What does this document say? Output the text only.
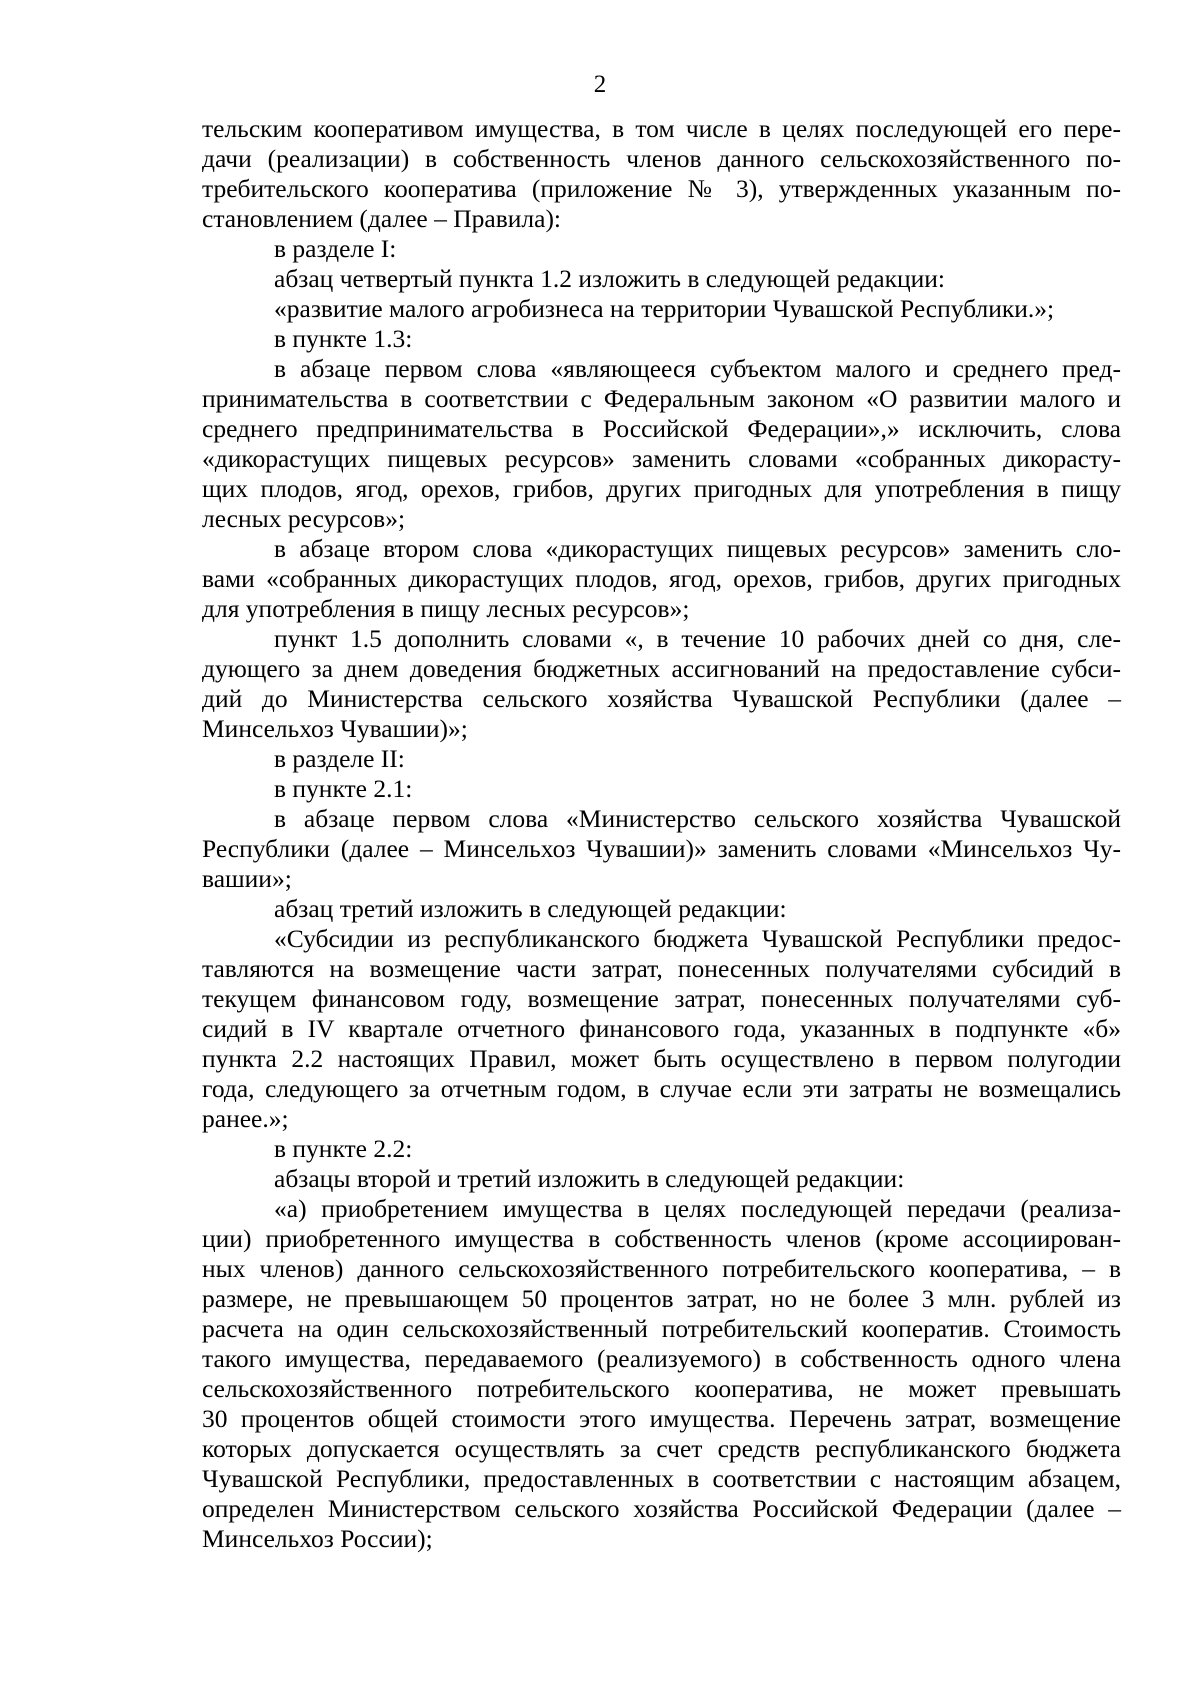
2
тельским кооперативом имущества, в том числе в целях последующей его пере-
дачи (реализации) в собственность членов данного сельскохозяйственного по-
требительского кооператива (приложение № 3), утвержденных указанным по-
становлением (далее – Правила):
в разделе I:
абзац четвертый пункта 1.2 изложить в следующей редакции:
«развитие малого агробизнеса на территории Чувашской Республики.»;
в пункте 1.3:
в абзаце первом слова «являющееся субъектом малого и среднего пред-
принимательства в соответствии с Федеральным законом «О развитии малого и
среднего предпринимательства в Российской Федерации»,» исключить, слова
«дикорастущих пищевых ресурсов» заменить словами «собранных дикорасту-
щих плодов, ягод, орехов, грибов, других пригодных для употребления в пищу
лесных ресурсов»;
в абзаце втором слова «дикорастущих пищевых ресурсов» заменить сло-
вами «собранных дикорастущих плодов, ягод, орехов, грибов, других пригодных
для употребления в пищу лесных ресурсов»;
пункт 1.5 дополнить словами «, в течение 10 рабочих дней со дня, сле-
дующего за днем доведения бюджетных ассигнований на предоставление субси-
дий до Министерства сельского хозяйства Чувашской Республики (далее –
Минсельхоз Чувашии)»;
в разделе II:
в пункте 2.1:
в абзаце первом слова «Министерство сельского хозяйства Чувашской
Республики (далее – Минсельхоз Чувашии)» заменить словами «Минсельхоз Чу-
вашии»;
абзац третий изложить в следующей редакции:
«Субсидии из республиканского бюджета Чувашской Республики предос-
тавляются на возмещение части затрат, понесенных получателями субсидий в
текущем финансовом году, возмещение затрат, понесенных получателями суб-
сидий в IV квартале отчетного финансового года, указанных в подпункте «б»
пункта 2.2 настоящих Правил, может быть осуществлено в первом полугодии
года, следующего за отчетным годом, в случае если эти затраты не возмещались
ранее.»;
в пункте 2.2:
абзацы второй и третий изложить в следующей редакции:
«а) приобретением имущества в целях последующей передачи (реализа-
ции) приобретенного имущества в собственность членов (кроме ассоциирован-
ных членов) данного сельскохозяйственного потребительского кооператива, – в
размере, не превышающем 50 процентов затрат, но не более 3 млн. рублей из
расчета на один сельскохозяйственный потребительский кооператив. Стоимость
такого имущества, передаваемого (реализуемого) в собственность одного члена
сельскохозяйственного потребительского кооператива, не может превышать
30 процентов общей стоимости этого имущества. Перечень затрат, возмещение
которых допускается осуществлять за счет средств республиканского бюджета
Чувашской Республики, предоставленных в соответствии с настоящим абзацем,
определен Министерством сельского хозяйства Российской Федерации (далее –
Минсельхоз России);
